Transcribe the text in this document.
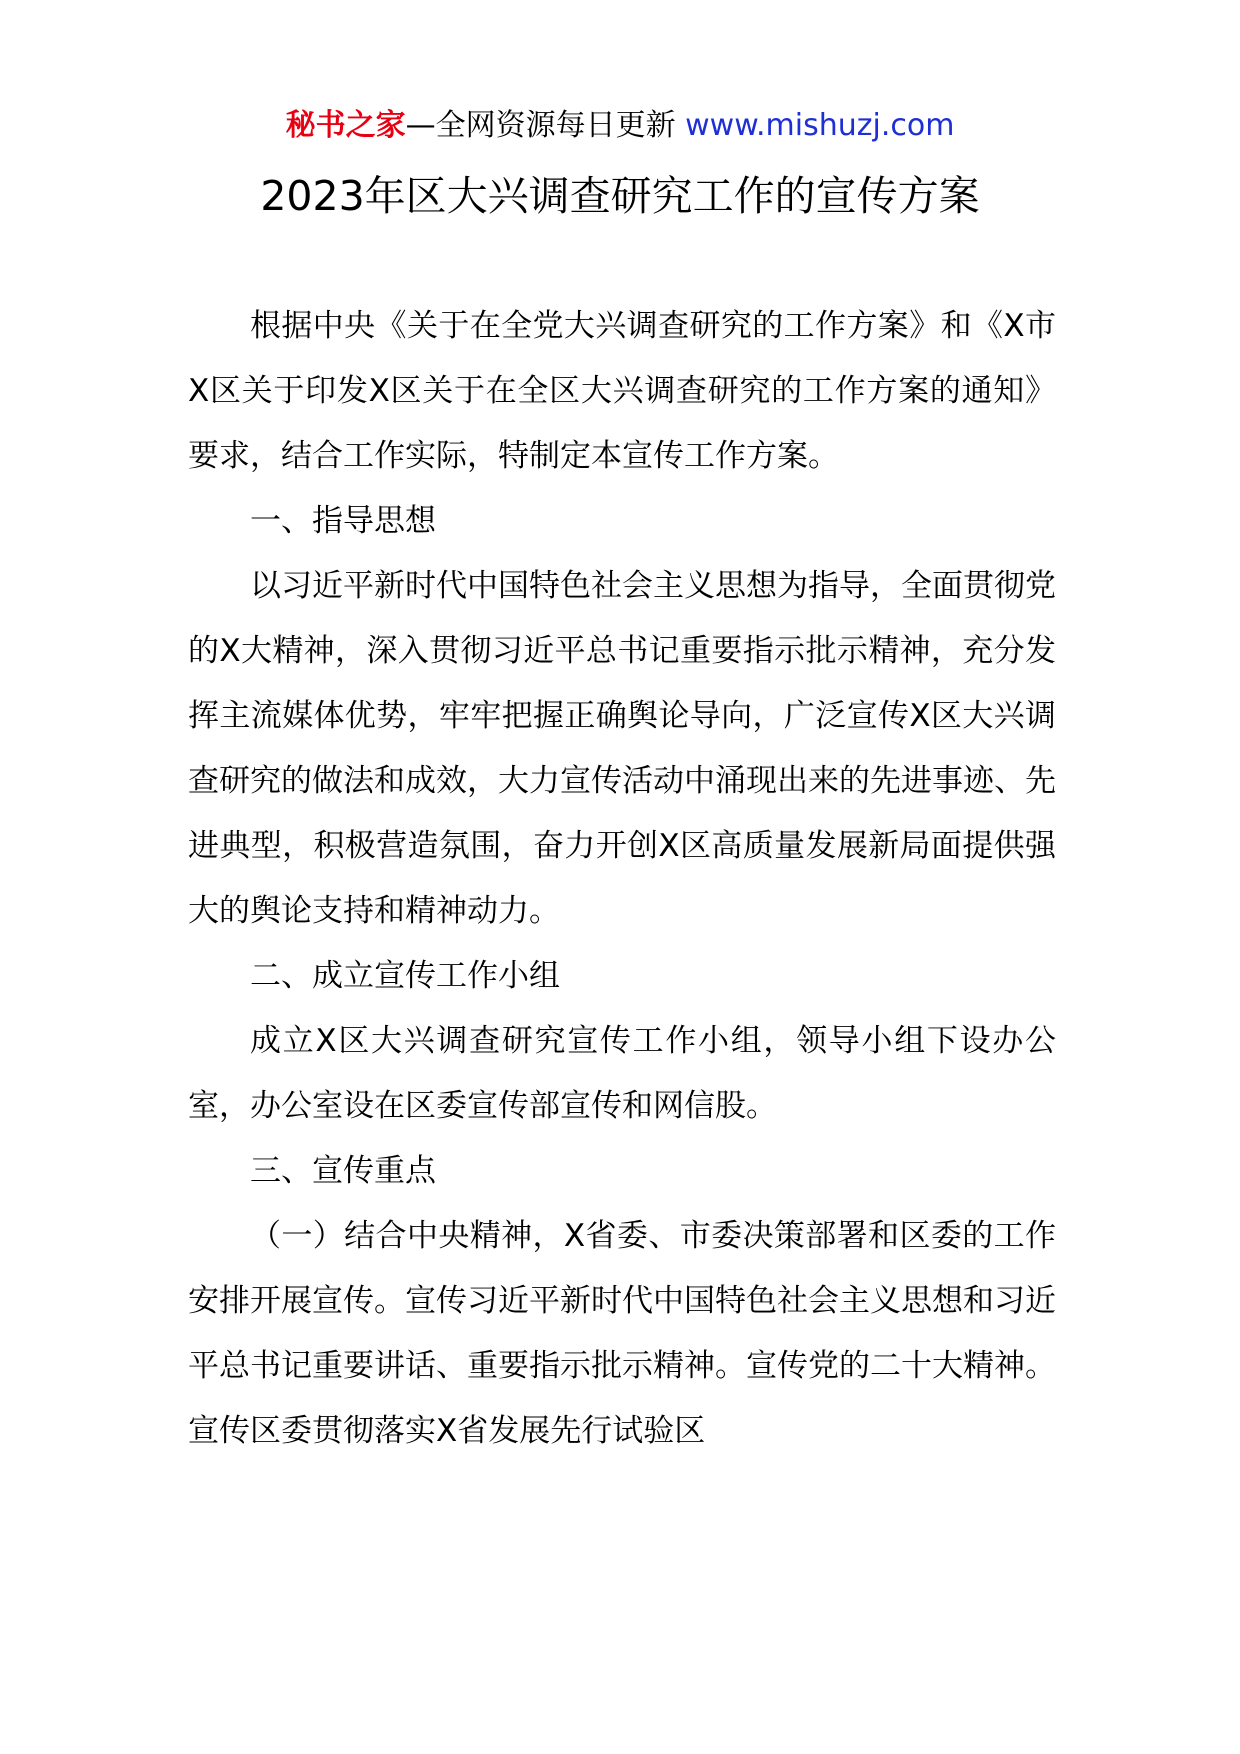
秘书之家—全网资源每日更新 www.mishuzj.com
2023年区大兴调查研究工作的宣传方案

根据中央《关于在全党大兴调查研究的工作方案》和《X市X区关于印发X区关于在全区大兴调查研究的工作方案的通知》要求，结合工作实际，特制定本宣传工作方案。

一、指导思想

以习近平新时代中国特色社会主义思想为指导，全面贯彻党的X大精神，深入贯彻习近平总书记重要指示批示精神，充分发挥主流媒体优势，牢牢把握正确舆论导向，广泛宣传X区大兴调查研究的做法和成效，大力宣传活动中涌现出来的先进事迹、先进典型，积极营造氛围，奋力开创X区高质量发展新局面提供强大的舆论支持和精神动力。

二、成立宣传工作小组

成立X区大兴调查研究宣传工作小组，领导小组下设办公室，办公室设在区委宣传部宣传和网信股。

三、宣传重点

（一）结合中央精神，X省委、市委决策部署和区委的工作安排开展宣传。宣传习近平新时代中国特色社会主义思想和习近平总书记重要讲话、重要指示批示精神。宣传党的二十大精神。宣传区委贯彻落实X省发展先行试验区
